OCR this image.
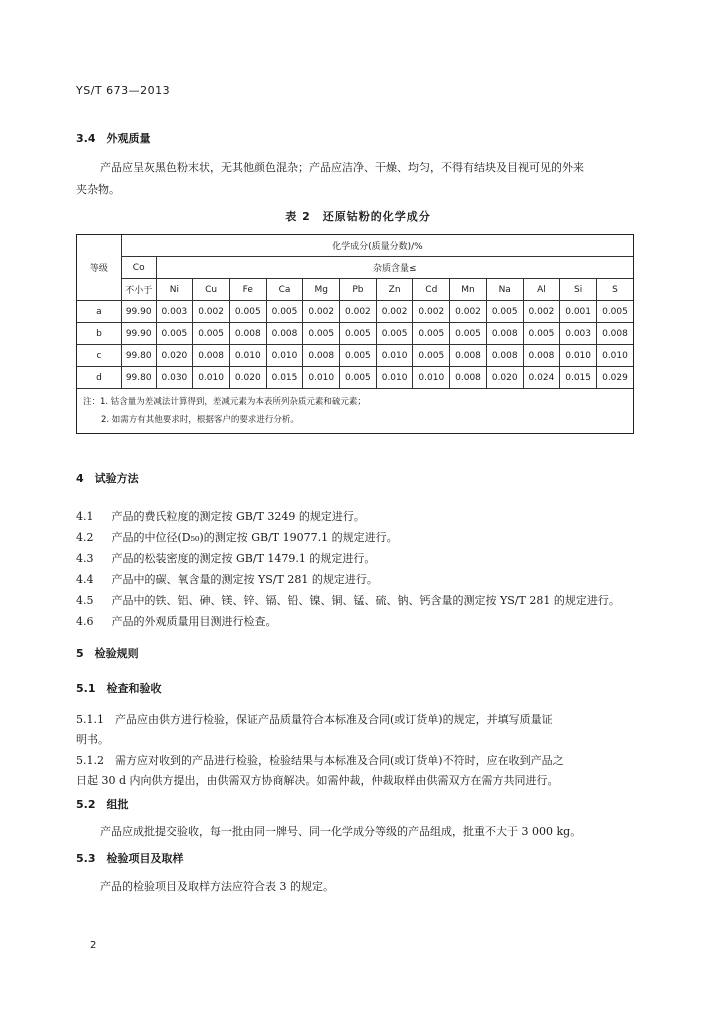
YS/T 673—2013
3.4　外观质量
产品应呈灰黑色粉末状，无其他颜色混杂；产品应洁净、干燥、均匀，不得有结块及目视可见的外来
夹杂物。
表 2　还原钴粉的化学成分
等级	化学成分(质量分数)/%													
	Co	杂质含量≤												
	不小于	Ni	Cu	Fe	Ca	Mg	Pb	Zn	Cd	Mn	Na	Al	Si	S
a	99.90	0.003	0.002	0.005	0.005	0.002	0.002	0.002	0.002	0.002	0.005	0.002	0.001	0.005
b	99.90	0.005	0.005	0.008	0.008	0.005	0.005	0.005	0.005	0.005	0.008	0.005	0.003	0.008
c	99.80	0.020	0.008	0.010	0.010	0.008	0.005	0.010	0.005	0.008	0.008	0.008	0.010	0.010
d	99.80	0.030	0.010	0.020	0.015	0.010	0.005	0.010	0.010	0.008	0.020	0.024	0.015	0.029

注：1. 钴含量为差减法计算得到，差减元素为本表所列杂质元素和硫元素；
2. 如需方有其他要求时，根据客户的要求进行分析。														
4　试验方法
4.1 产品的费氏粒度的测定按 GB/T 3249 的规定进行。
4.2 产品的中位径(D₅₀)的测定按 GB/T 19077.1 的规定进行。
4.3 产品的松装密度的测定按 GB/T 1479.1 的规定进行。
4.4 产品中的碳、氧含量的测定按 YS/T 281 的规定进行。
4.5 产品中的铁、铝、砷、镁、锌、镉、铅、镍、铜、锰、硫、钠、钙含量的测定按 YS/T 281 的规定进行。
4.6 产品的外观质量用目测进行检查。
5　检验规则
5.1　检查和验收
5.1.1　产品应由供方进行检验，保证产品质量符合本标准及合同(或订货单)的规定，并填写质量证
明书。
5.1.2　需方应对收到的产品进行检验，检验结果与本标准及合同(或订货单)不符时，应在收到产品之
日起 30 d 内向供方提出，由供需双方协商解决。如需仲裁，仲裁取样由供需双方在需方共同进行。
5.2　组批
产品应成批提交验收，每一批由同一牌号、同一化学成分等级的产品组成，批重不大于 3 000 kg。
5.3　检验项目及取样
产品的检验项目及取样方法应符合表 3 的规定。
2
